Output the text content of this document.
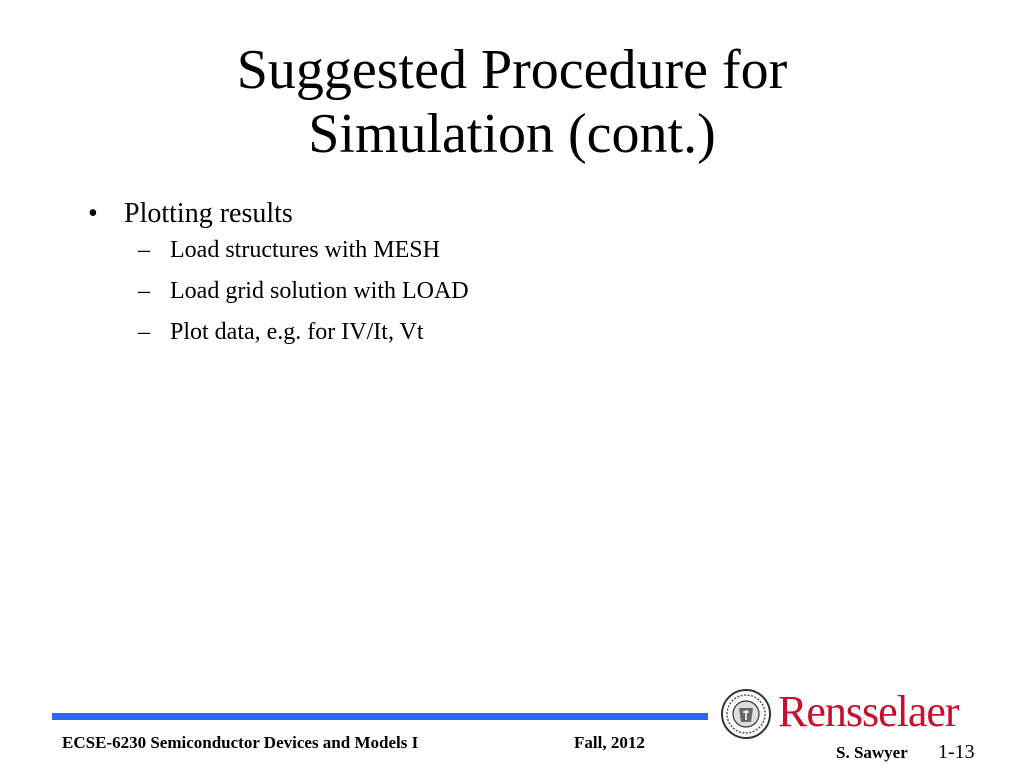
Suggested Procedure for
Simulation (cont.)

• Plotting results

– Load structures with MESH
– Load grid solution with LOAD
– Plot data, e.g. for IV/It, Vt
Rensselaer
ECSE-6230 Semiconductor Devices and Models I	Fall, 2012
S. Sawyer 1-13
